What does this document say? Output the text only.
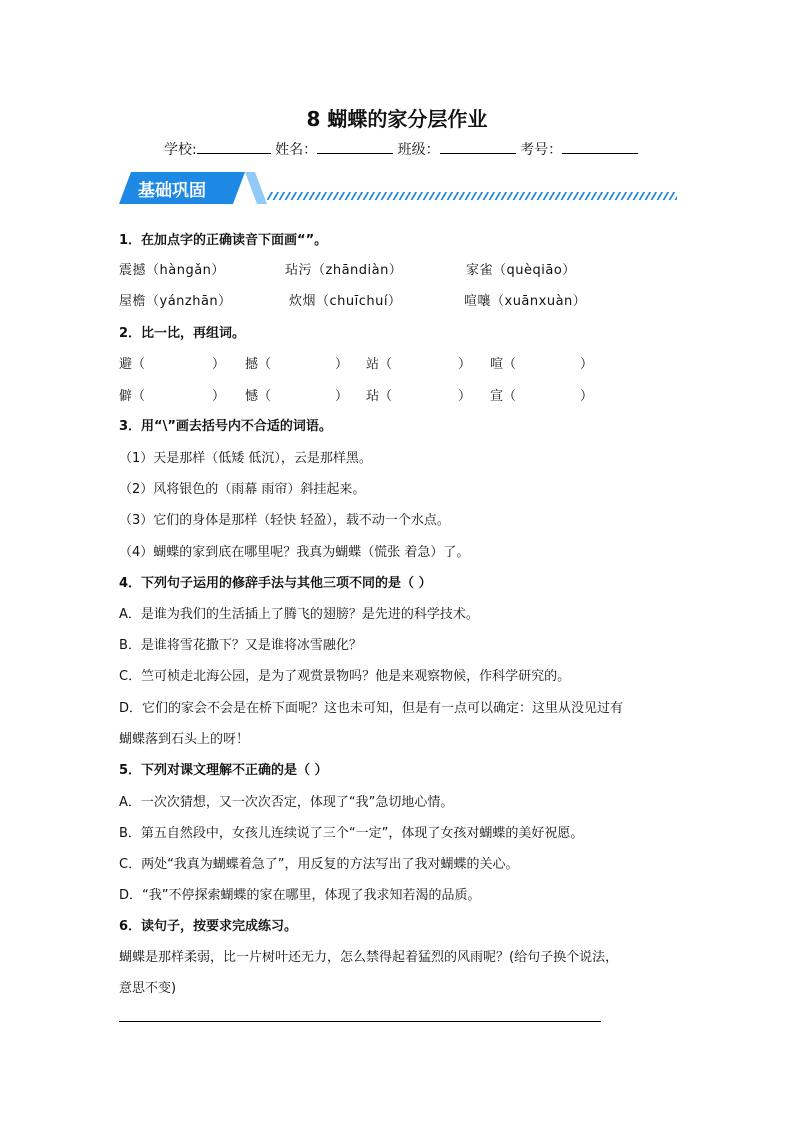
8 蝴蝶的家分层作业
学校:	姓名：	班级：	考号：
基础巩固
1．在加点字的正确读音下面画“”。
震撼（hàngǎn）	玷污（zhāndiàn）	家雀（quèqiāo）
屋檐（yánzhān）	炊烟（chuīchuí）	喧嚷（xuānxuàn）
2．比一比，再组词。
避（	） 撼（	） 站（	） 喧（	）
僻（	） 憾（	） 玷（	） 宣（	）
3．用“\”画去括号内不合适的词语。
（1）天是那样（低矮 低沉），云是那样黑。
（2）风将银色的（雨幕 雨帘）斜挂起来。
（3）它们的身体是那样（轻快 轻盈），载不动一个水点。
（4）蝴蝶的家到底在哪里呢？我真为蝴蝶（慌张 着急）了。
4．下列句子运用的修辞手法与其他三项不同的是（ ）
A．是谁为我们的生活插上了腾飞的翅膀？是先进的科学技术。
B．是谁将雪花撒下？又是谁将冰雪融化？
C．竺可桢走北海公园，是为了观赏景物吗？他是来观察物候，作科学研究的。
D．它们的家会不会是在桥下面呢？这也未可知，但是有一点可以确定：这里从没见过有
蝴蝶落到石头上的呀！
5．下列对课文理解不正确的是（ ）
A．一次次猜想，又一次次否定，体现了“我”急切地心情。
B．第五自然段中，女孩儿连续说了三个“一定”，体现了女孩对蝴蝶的美好祝愿。
C．两处“我真为蝴蝶着急了”，用反复的方法写出了我对蝴蝶的关心。
D．“我”不停探索蝴蝶的家在哪里，体现了我求知若渴的品质。
6．读句子，按要求完成练习。
蝴蝶是那样柔弱，比一片树叶还无力，怎么禁得起着猛烈的风雨呢？(给句子换个说法，
意思不变)
